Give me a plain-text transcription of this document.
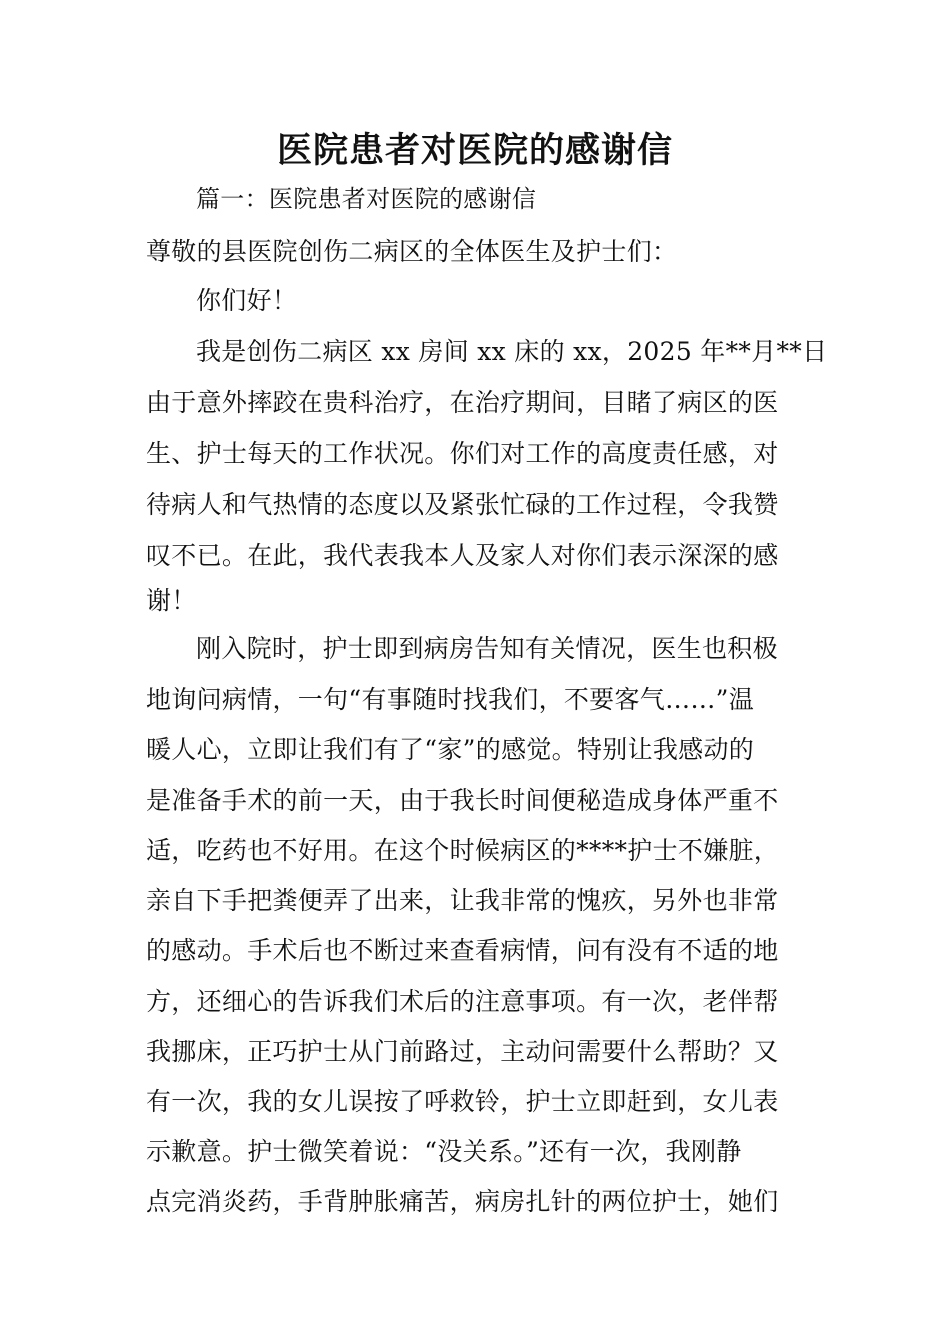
医院患者对医院的感谢信
篇一：医院患者对医院的感谢信
尊敬的县医院创伤二病区的全体医生及护士们：
你们好！
我是创伤二病区 xx 房间 xx 床的 xx，2025 年**月**日
由于意外摔跤在贵科治疗，在治疗期间，目睹了病区的医
生、护士每天的工作状况。你们对工作的高度责任感，对
待病人和气热情的态度以及紧张忙碌的工作过程，令我赞
叹不已。在此，我代表我本人及家人对你们表示深深的感
谢！
刚入院时，护士即到病房告知有关情况，医生也积极
地询问病情，一句“有事随时找我们，不要客气……”温
暖人心，立即让我们有了“家”的感觉。特别让我感动的
是准备手术的前一天，由于我长时间便秘造成身体严重不
适，吃药也不好用。在这个时候病区的****护士不嫌脏，
亲自下手把粪便弄了出来，让我非常的愧疚，另外也非常
的感动。手术后也不断过来查看病情，问有没有不适的地
方，还细心的告诉我们术后的注意事项。有一次，老伴帮
我挪床，正巧护士从门前路过，主动问需要什么帮助？又
有一次，我的女儿误按了呼救铃，护士立即赶到，女儿表
示歉意。护士微笑着说：“没关系。”还有一次，我刚静
点完消炎药，手背肿胀痛苦，病房扎针的两位护士，她们
